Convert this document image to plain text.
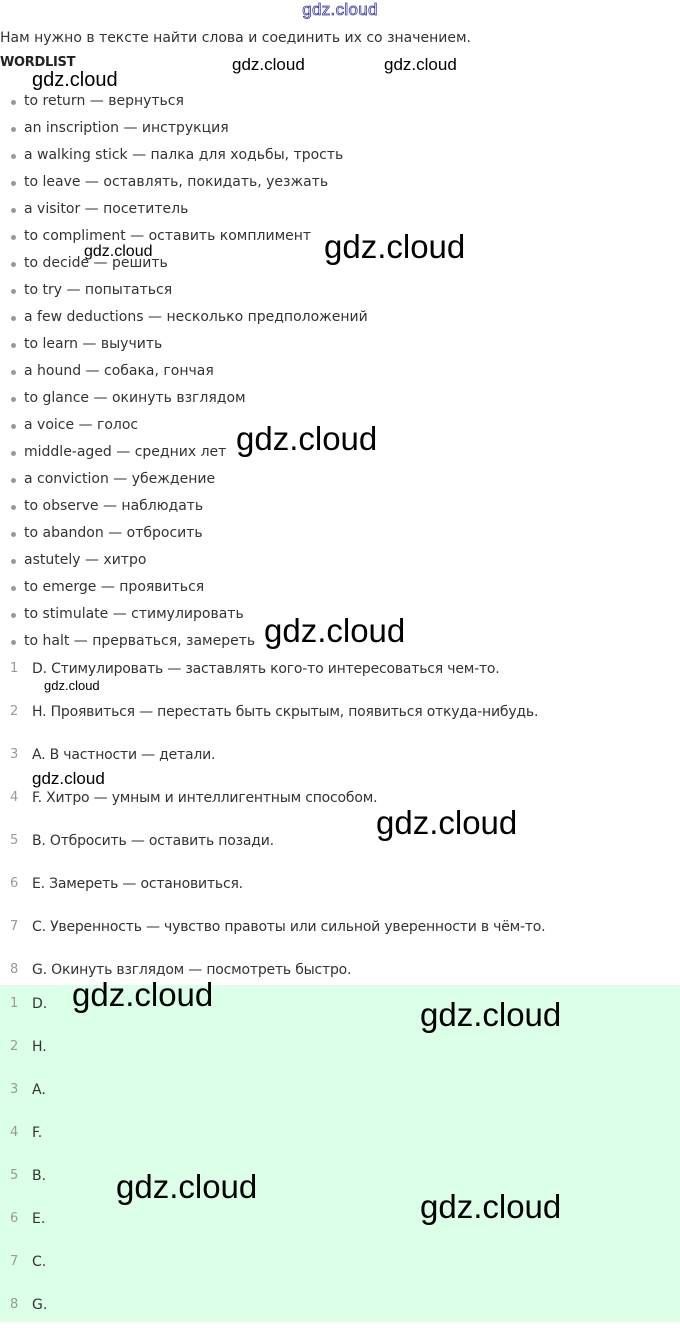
gdz.cloud
Нам нужно в тексте найти слова и соединить их со значением.
WORDLIST
to return — вернуться
an inscription — инструкция
a walking stick — палка для ходьбы, трость
to leave — оставлять, покидать, уезжать
a visitor — посетитель
to compliment — оставить комплимент
to decide — решить
to try — попытаться
a few deductions — несколько предположений
to learn — выучить
a hound — собака, гончая
to glance — окинуть взглядом
a voice — голос
middle-aged — средних лет
a conviction — убеждение
to observe — наблюдать
to abandon — отбросить
astutely — хитро
to emerge — проявиться
to stimulate — стимулировать
to halt — прерваться, замереть
1 D. Стимулировать — заставлять кого-то интересоваться чем-то.
2 H. Проявиться — перестать быть скрытым, появиться откуда-нибудь.
3 A. В частности — детали.
4 F. Хитро — умным и интеллигентным способом.
5 B. Отбросить — оставить позади.
6 E. Замереть — остановиться.
7 C. Уверенность — чувство правоты или сильной уверенности в чём-то.
8 G. Окинуть взглядом — посмотреть быстро.
1 D.
2 H.
3 A.
4 F.
5 B.
6 E.
7 C.
8 G.
gdz.cloud
gdz.cloud	gdz.cloud
gdz.cloud	gdz.cloud
gdz.cloud
gdz.cloud
gdz.cloud
gdz.cloud
gdz.cloud
gdz.cloud
gdz.cloud
gdz.cloud
gdz.cloud
